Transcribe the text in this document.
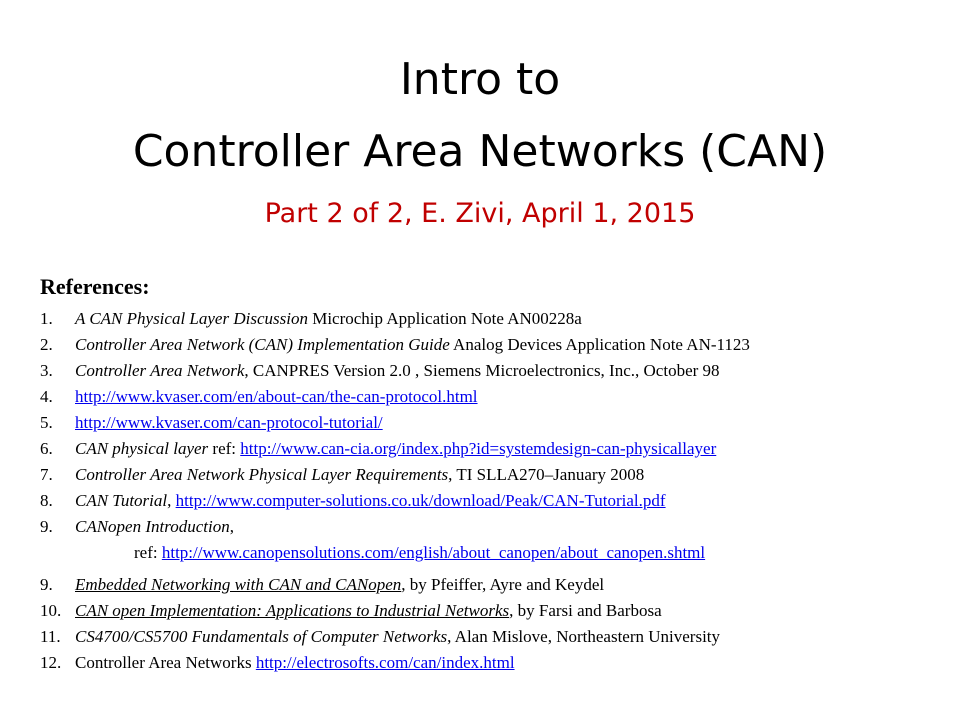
Intro to
Controller Area Networks (CAN)
Part 2 of 2, E. Zivi, April 1, 2015
References:
1. A CAN Physical Layer Discussion Microchip Application Note AN00228a
2. Controller Area Network (CAN) Implementation Guide Analog Devices Application Note AN-1123
3. Controller Area Network, CANPRES Version 2.0 , Siemens Microelectronics, Inc., October 98
4. http://www.kvaser.com/en/about-can/the-can-protocol.html
5. http://www.kvaser.com/can-protocol-tutorial/
6. CAN physical layer ref: http://www.can-cia.org/index.php?id=systemdesign-can-physicallayer
7. Controller Area Network Physical Layer Requirements, TI SLLA270–January 2008
8. CAN Tutorial, http://www.computer-solutions.co.uk/download/Peak/CAN-Tutorial.pdf
9. CANopen Introduction,
ref: http://www.canopensolutions.com/english/about_canopen/about_canopen.shtml
9. Embedded Networking with CAN and CANopen, by Pfeiffer, Ayre and Keydel
10. CAN open Implementation: Applications to Industrial Networks, by Farsi and Barbosa
11. CS4700/CS5700 Fundamentals of Computer Networks, Alan Mislove, Northeastern University
12. Controller Area Networks http://electrosofts.com/can/index.html
